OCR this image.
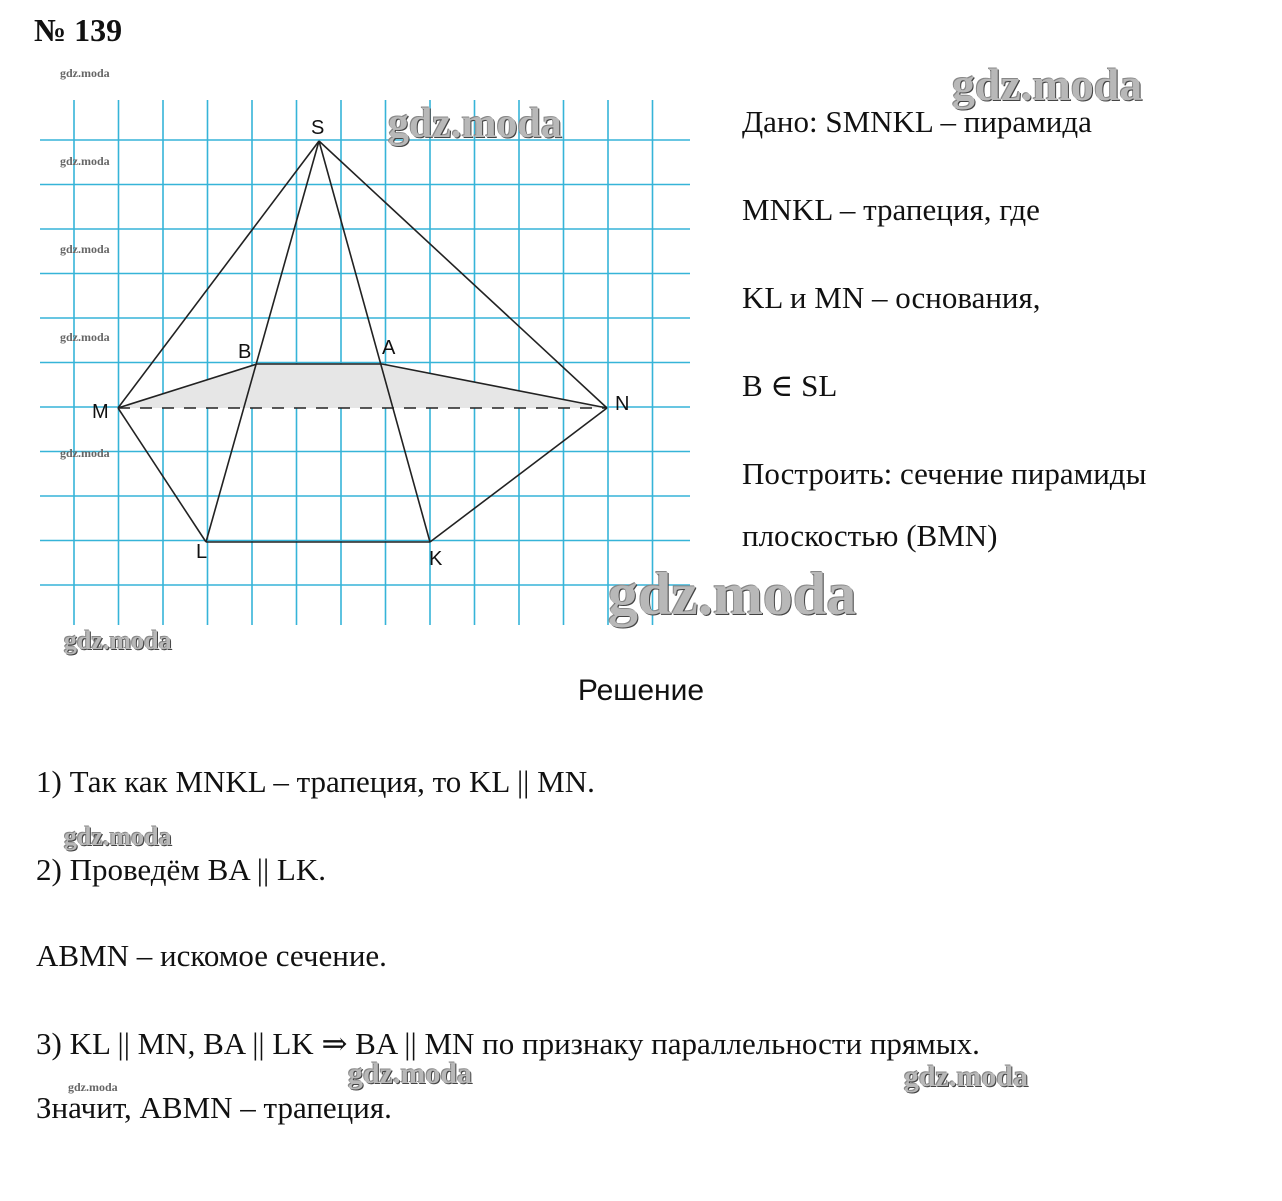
S
M	N
L	K
B	A
№ 139
Дано: SMNKL – пирамида
MNKL – трапеция, где
KL и MN – основания,
B ∈ SL
Построить: сечение пирамиды
плоскостью (BMN)
Решение
1) Так как MNKL – трапеция, то KL || MN.
2) Проведём BA || LK.
ABMN – искомое сечение.
3) KL || MN, BA || LK ⇒ BA || MN по признаку параллельности прямых.
Значит, ABMN – трапеция.
gdz.moda
gdz.moda
gdz.moda
gdz.moda
gdz.moda
gdz.moda	gdz.moda
gdz.moda
gdz.moda
gdz.moda
gdz.moda
gdz.moda
gdz.moda
